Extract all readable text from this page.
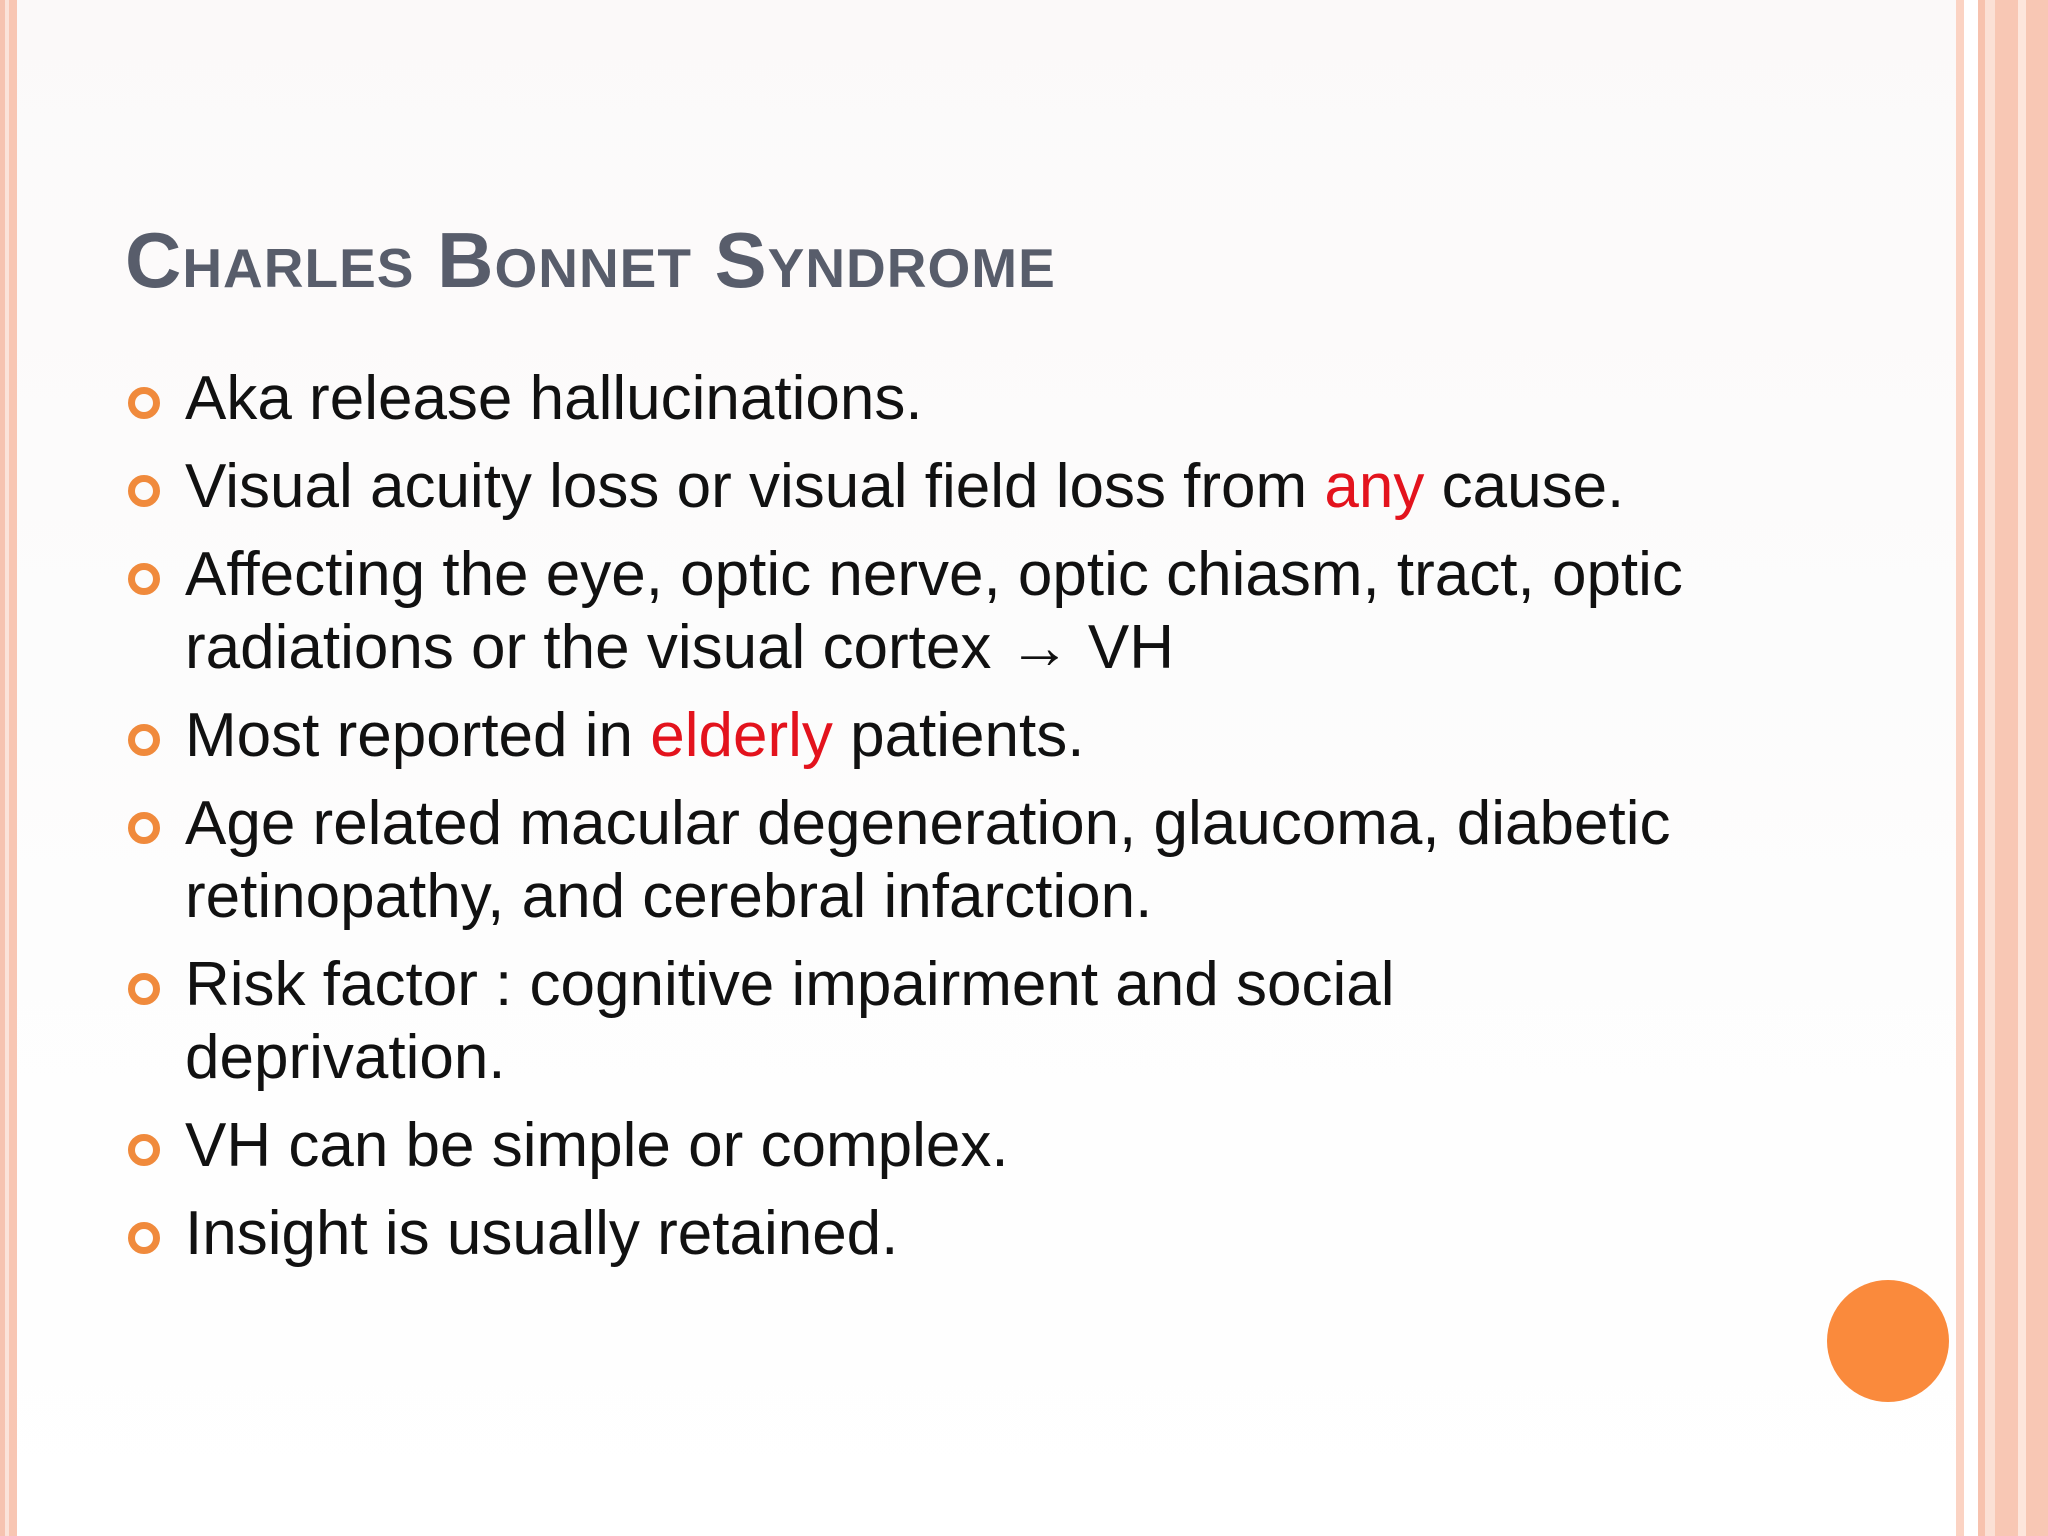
Charles Bonnet Syndrome
Aka release hallucinations.
Visual acuity loss or visual field loss from any cause.
Affecting the eye, optic nerve, optic chiasm, tract, optic radiations or the visual cortex → VH
Most reported in elderly patients.
Age related macular degeneration, glaucoma, diabetic retinopathy, and cerebral infarction.
Risk factor : cognitive impairment and social deprivation.
VH can be simple or complex.
Insight is usually retained.
